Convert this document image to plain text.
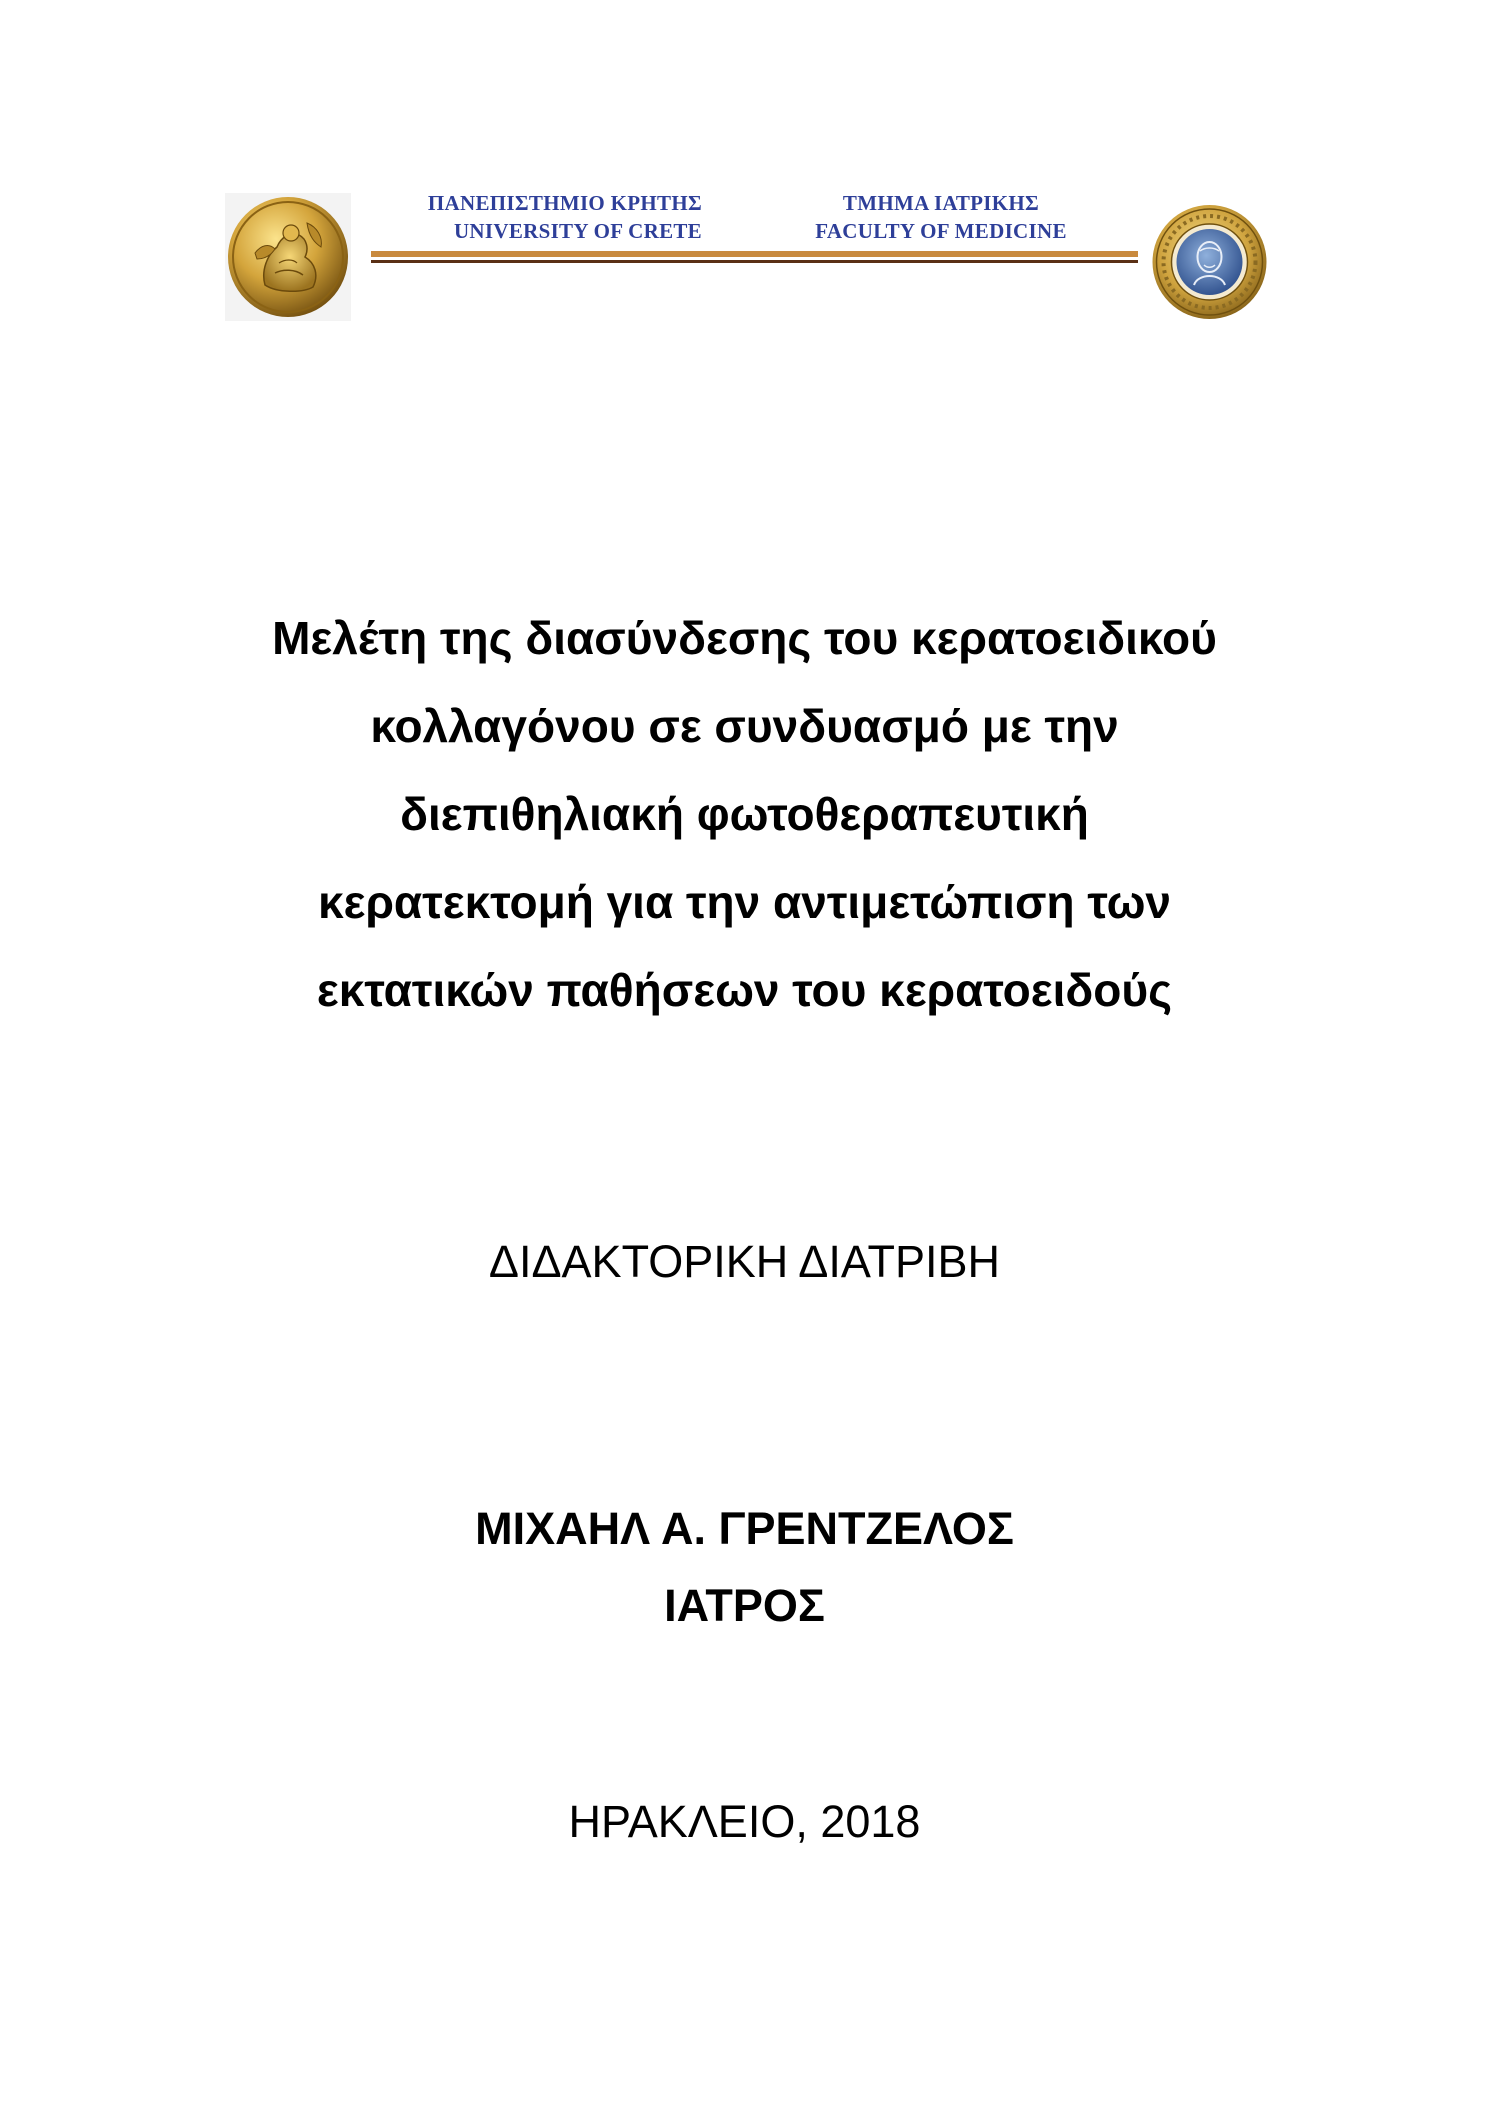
ΠΑΝΕΠΙΣΤΗΜΙΟ ΚΡΗΤΗΣ
UNIVERSITY OF CRETE
ΤΜΗΜΑ ΙΑΤΡΙΚΗΣ
FACULTY OF MEDICINE
Μελέτη της διασύνδεσης του κερατοειδικού
κολλαγόνου σε συνδυασμό με την
διεπιθηλιακή φωτοθεραπευτική
κερατεκτομή για την αντιμετώπιση των
εκτατικών παθήσεων του κερατοειδούς
ΔΙΔΑΚΤΟΡΙΚΗ ΔΙΑΤΡΙΒΗ
ΜΙΧΑΗΛ Α. ΓΡΕΝΤΖΕΛΟΣ
ΙΑΤΡΟΣ
ΗΡΑΚΛΕΙΟ, 2018
